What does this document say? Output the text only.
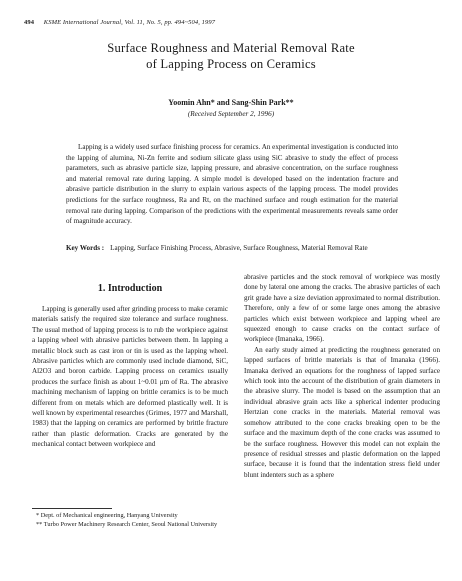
494 KSME International Journal, Vol. 11, No. 5, pp. 494~504, 1997
Surface Roughness and Material Removal Rate
of Lapping Process on Ceramics
Yoomin Ahn* and Sang-Shin Park**
(Received September 2, 1996)

Lapping is a widely used surface finishing process for ceramics. An experimental investigation is conducted into the lapping of alumina, Ni-Zn ferrite and sodium silicate glass using SiC abrasive to study the effect of process parameters, such as abrasive particle size, lapping pressure, and abrasive concentration, on the surface roughness and material removal rate during lapping. A simple model is developed based on the indentation fracture and abrasive particle distribution in the slurry to explain various aspects of the lapping process. The model provides predictions for the surface roughness, Ra and Rt, on the machined surface and rough estimation for the material removal rate during lapping. Comparison of the predictions with the experimental measurements reveals same order of magnitude accuracy.

Key Words : Lapping, Surface Finishing Process, Abrasive, Surface Roughness, Material Removal Rate
1. Introduction

Lapping is generally used after grinding process to make ceramic materials satisfy the required size tolerance and surface roughness. The usual method of lapping process is to rub the workpiece against a lapping wheel with abrasive particles between them. In lapping a metallic block such as cast iron or tin is used as the lapping wheel. Abrasive particles which are commonly used include diamond, SiC, Al2O3 and boron carbide. Lapping process on ceramics usually produces the surface finish as about 1~0.01 μm of Ra. The abrasive machining mechanism of lapping on brittle ceramics is to be much different from on metals which are deformed plastically well. It is well known by experimental researches (Grimes, 1977 and Marshall, 1983) that the lapping on ceramics are performed by brittle fracture rather than plastic deformation. Cracks are generated by the mechanical contact between workpiece and

* Dept. of Mechanical engineering, Hanyang University
** Turbo Power Machinery Research Center, Seoul National University

abrasive particles and the stock removal of workpiece was mostly done by lateral one among the cracks. The abrasive particles of each grit grade have a size deviation approximated to normal distribution. Therefore, only a few of or some large ones among the abrasive particles which exist between workpiece and lapping wheel are squeezed enough to cause cracks on the contact surface of workpiece (Imanaka, 1966).

An early study aimed at predicting the roughness generated on lapped surfaces of brittle materials is that of Imanaka (1966). Imanaka derived an equations for the roughness of lapped surface which took into the account of the distribution of grain diameters in the abrasive slurry. The model is based on the assumption that an individual abrasive grain acts like a spherical indenter producing Hertzian cone cracks in the materials. Material removal was somehow attributed to the cone cracks breaking open to be the surface and the maximum depth of the cone cracks was assumed to be the surface roughness. However this model can not explain the presence of residual stresses and plastic deformation on the lapped surface, because it is found that the indentation stress field under blunt indenters such as a sphere
